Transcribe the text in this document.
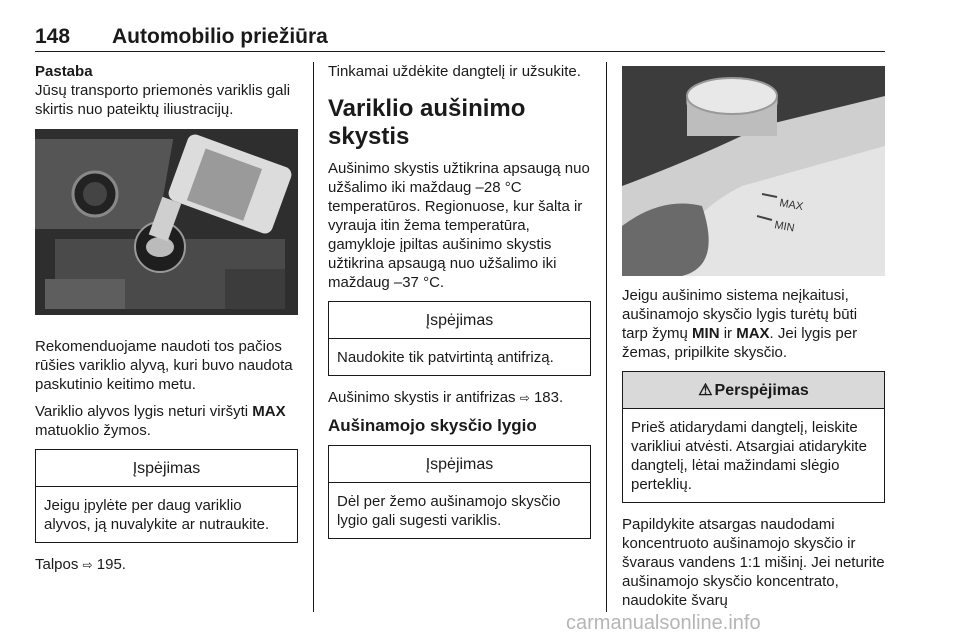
148 Automobilio priežiūra

Pastaba

Jūsų transporto priemonės variklis gali skirtis nuo pateiktų iliustracijų.

Rekomenduojame naudoti tos pačios rūšies variklio alyvą, kuri buvo naudota paskutinio keitimo metu.

Variklio alyvos lygis neturi viršyti MAX matuoklio žymos.

Įspėjimas
Jeigu įpylėte per daug variklio alyvos, ją nuvalykite ar nutraukite.

Talpos ⇨ 195.

Tinkamai uždėkite dangtelį ir užsukite.

Variklio aušinimo skystis

Aušinimo skystis užtikrina apsaugą nuo užšalimo iki maždaug –28 °C temperatūros. Regionuose, kur šalta ir vyrauja itin žema temperatūra, gamykloje įpiltas aušinimo skystis užtikrina apsaugą nuo užšalimo iki maždaug –37 °C.

Įspėjimas
Naudokite tik patvirtintą antifrizą.

Aušinimo skystis ir antifrizas ⇨ 183.

Aušinamojo skysčio lygio
Įspėjimas
Dėl per žemo aušinamojo skysčio lygio gali sugesti variklis.
MAX
MIN

Jeigu aušinimo sistema neįkaitusi, aušinamojo skysčio lygis turėtų būti tarp žymų MIN ir MAX. Jei lygis per žemas, pripilkite skysčio.

⚠ Perspėjimas
Prieš atidarydami dangtelį, leiskite varikliui atvėsti. Atsargiai atidarykite dangtelį, lėtai mažindami slėgio perteklių.

Papildykite atsargas naudodami koncentruoto aušinamojo skysčio ir švaraus vandens 1:1 mišinį. Jei neturite aušinamojo skysčio koncentrato, naudokite švarų

carmanualsonline.info
